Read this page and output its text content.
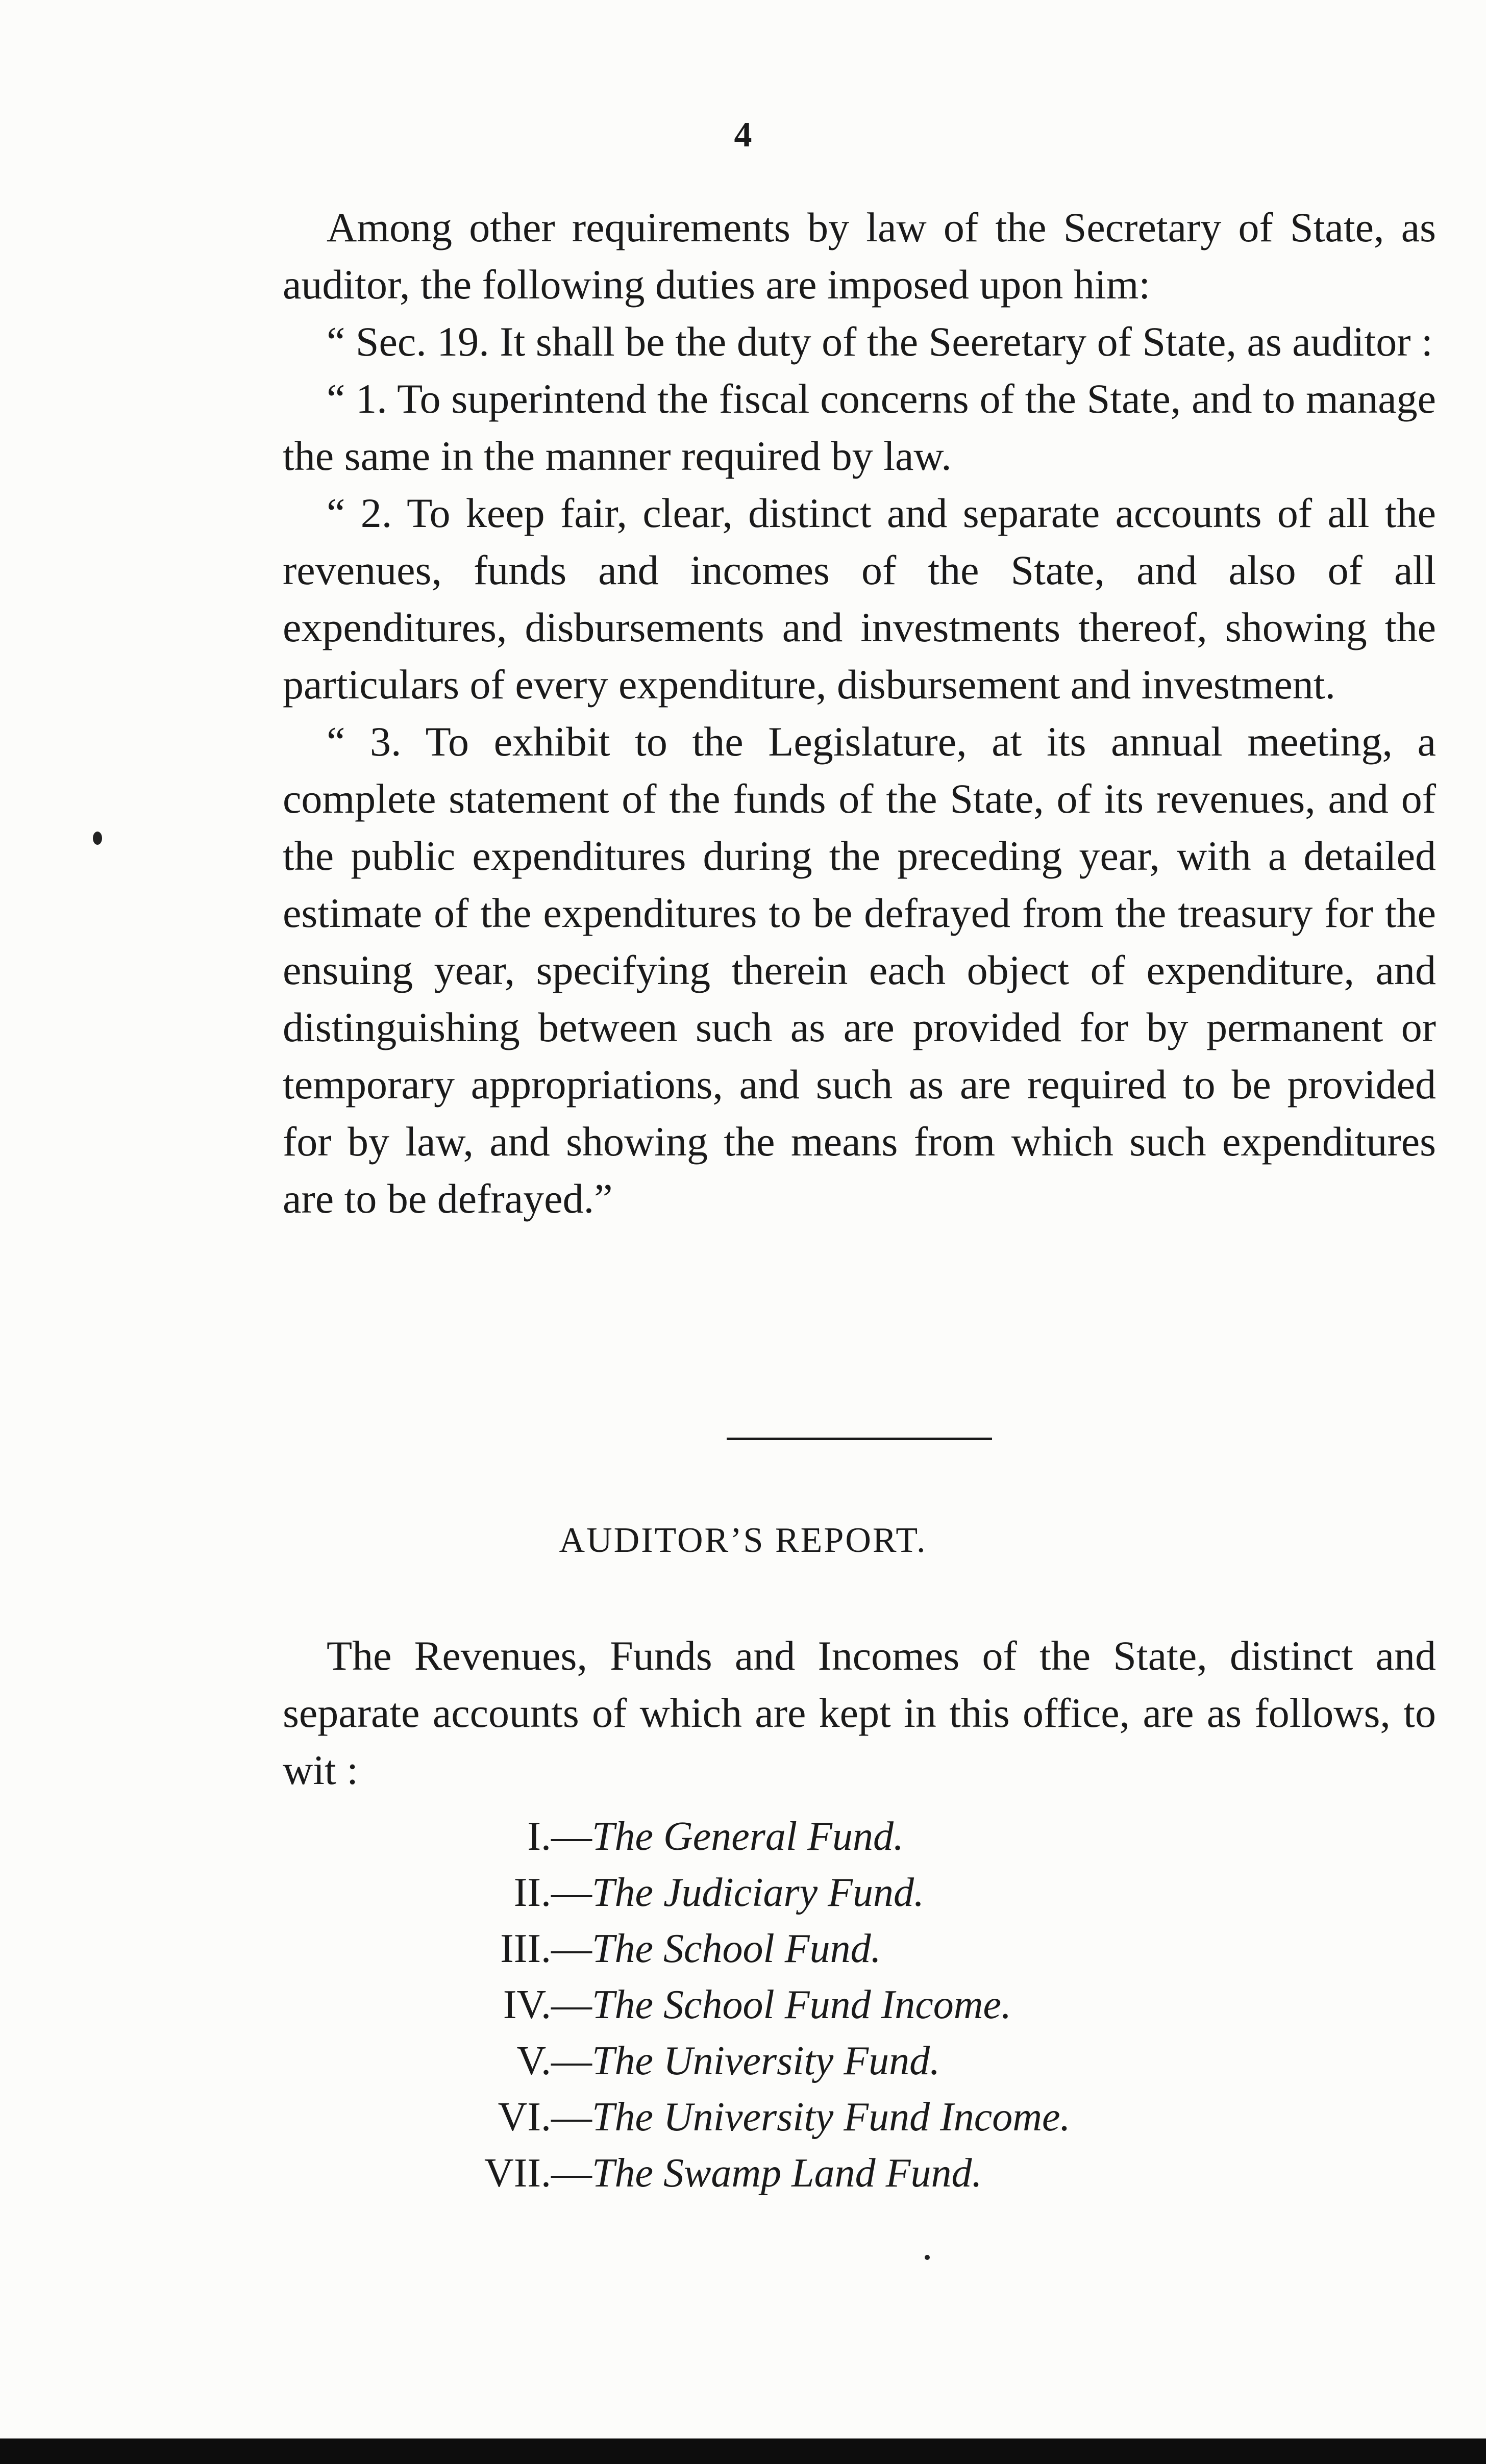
4

Among other requirements by law of the Secretary of State, as auditor, the following duties are imposed upon him:

“ Sec. 19. It shall be the duty of the Seeretary of State, as auditor :

“ 1. To superintend the fiscal concerns of the State, and to manage the same in the manner required by law.

“ 2. To keep fair, clear, distinct and separate accounts of all the revenues, funds and incomes of the State, and also of all expenditures, disbursements and investments thereof, showing the particulars of every expenditure, disbursement and investment.

“ 3. To exhibit to the Legislature, at its annual meeting, a complete statement of the funds of the State, of its revenues, and of the public expenditures during the preceding year, with a detailed estimate of the expenditures to be defrayed from the treasury for the ensuing year, specifying therein each object of expenditure, and distinguishing between such as are provided for by permanent or temporary appropriations, and such as are required to be provided for by law, and showing the means from which such expenditures are to be defrayed.”

AUDITOR’S REPORT.

The Revenues, Funds and Incomes of the State, distinct and separate accounts of which are kept in this office, are as follows, to wit :

I. — The General Fund.
II. — The Judiciary Fund.
III. — The School Fund.
IV. — The School Fund Income.
V. — The University Fund.
VI. — The University Fund Income.
VII. — The Swamp Land Fund.
